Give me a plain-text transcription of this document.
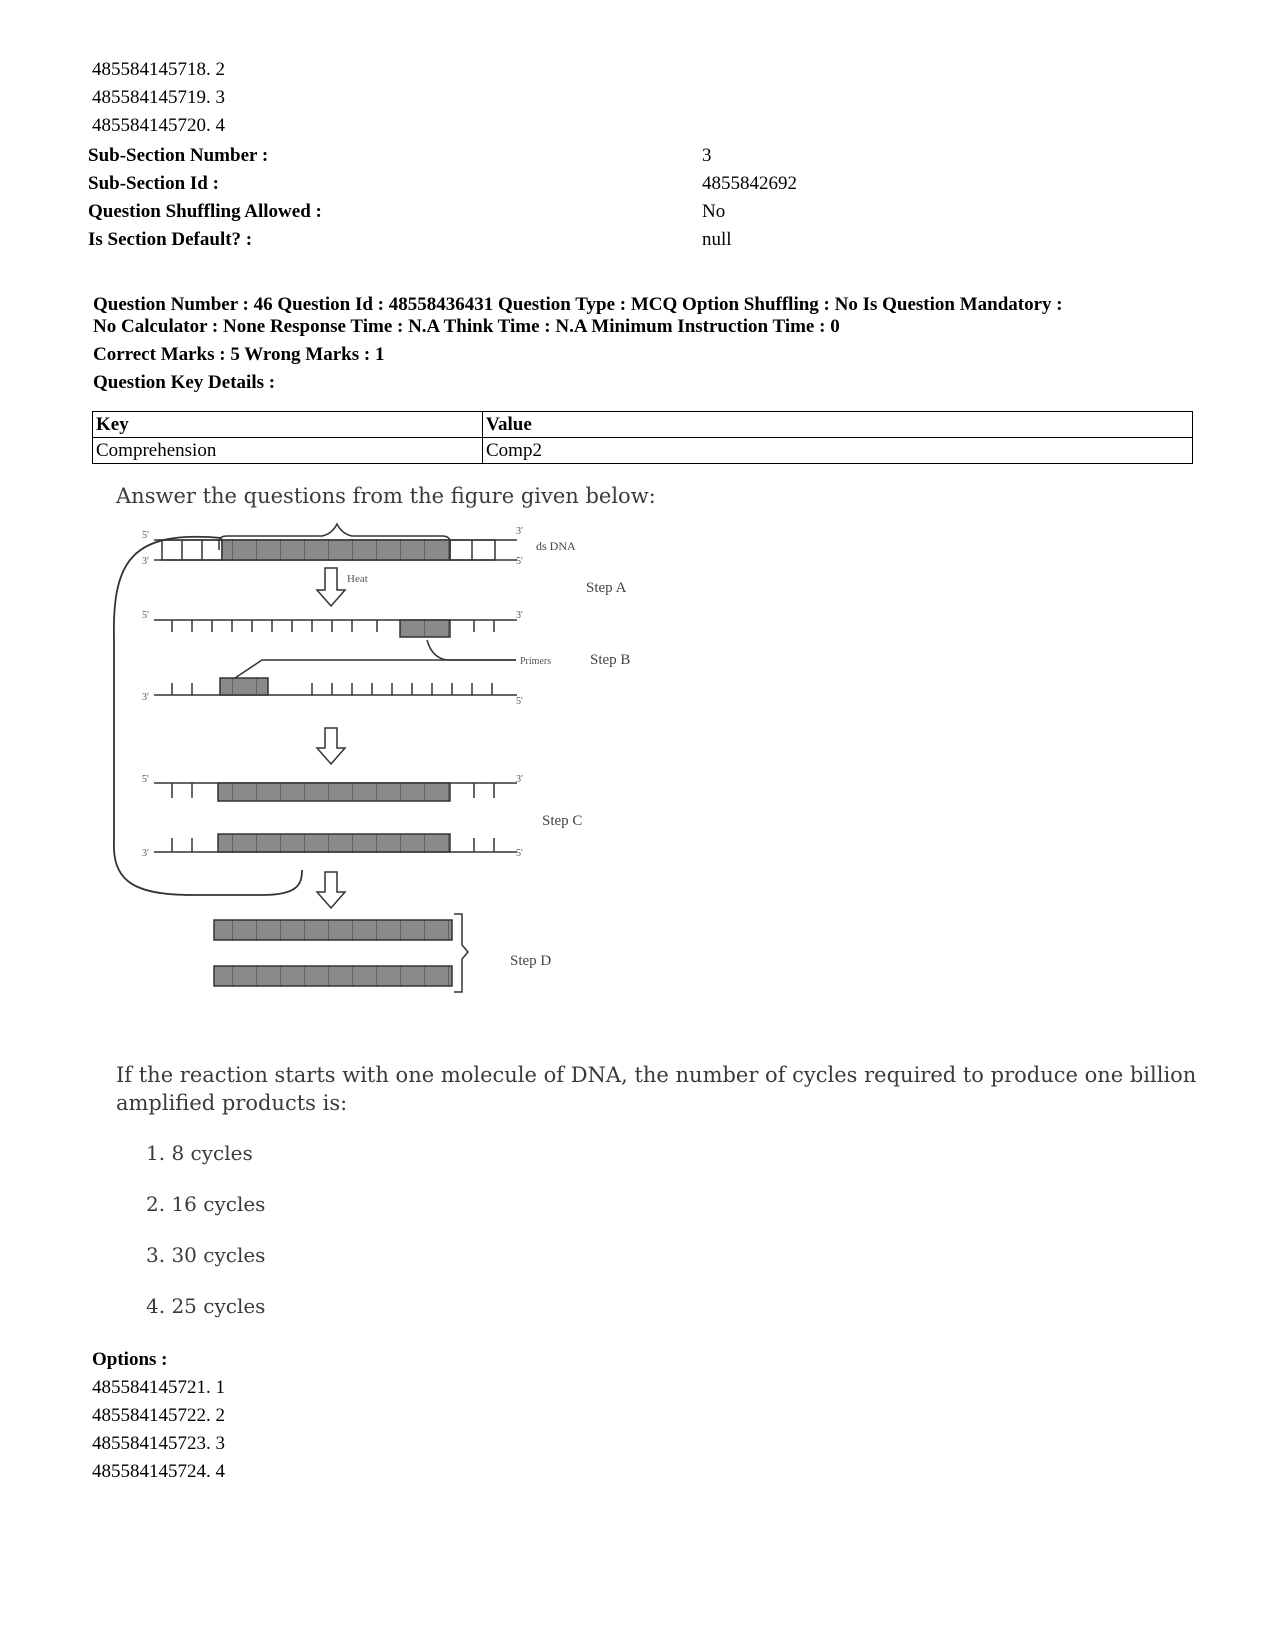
485584145718. 2
485584145719. 3
485584145720. 4
Sub-Section Number :	3
Sub-Section Id :	4855842692
Question Shuffling Allowed :	No
Is Section Default? :	null
Question Number : 46 Question Id : 48558436431 Question Type : MCQ Option Shuffling : No Is Question Mandatory :
No Calculator : None Response Time : N.A Think Time : N.A Minimum Instruction Time : 0
Correct Marks : 5 Wrong Marks : 1
Question Key Details :
Key	Value
Comprehension	Comp2
Answer the questions from the figure given below:
5'
3'
3'
5'
ds DNA
Heat
Step A
5'	3'
Primers	Step B
3'	5'
5'	3'
3'	5'
Step C
Step D
If the reaction starts with one molecule of DNA, the number of cycles required to produce one billion
amplified products is:
1. 8 cycles
2. 16 cycles
3. 30 cycles
4. 25 cycles
Options :
485584145721. 1
485584145722. 2
485584145723. 3
485584145724. 4
